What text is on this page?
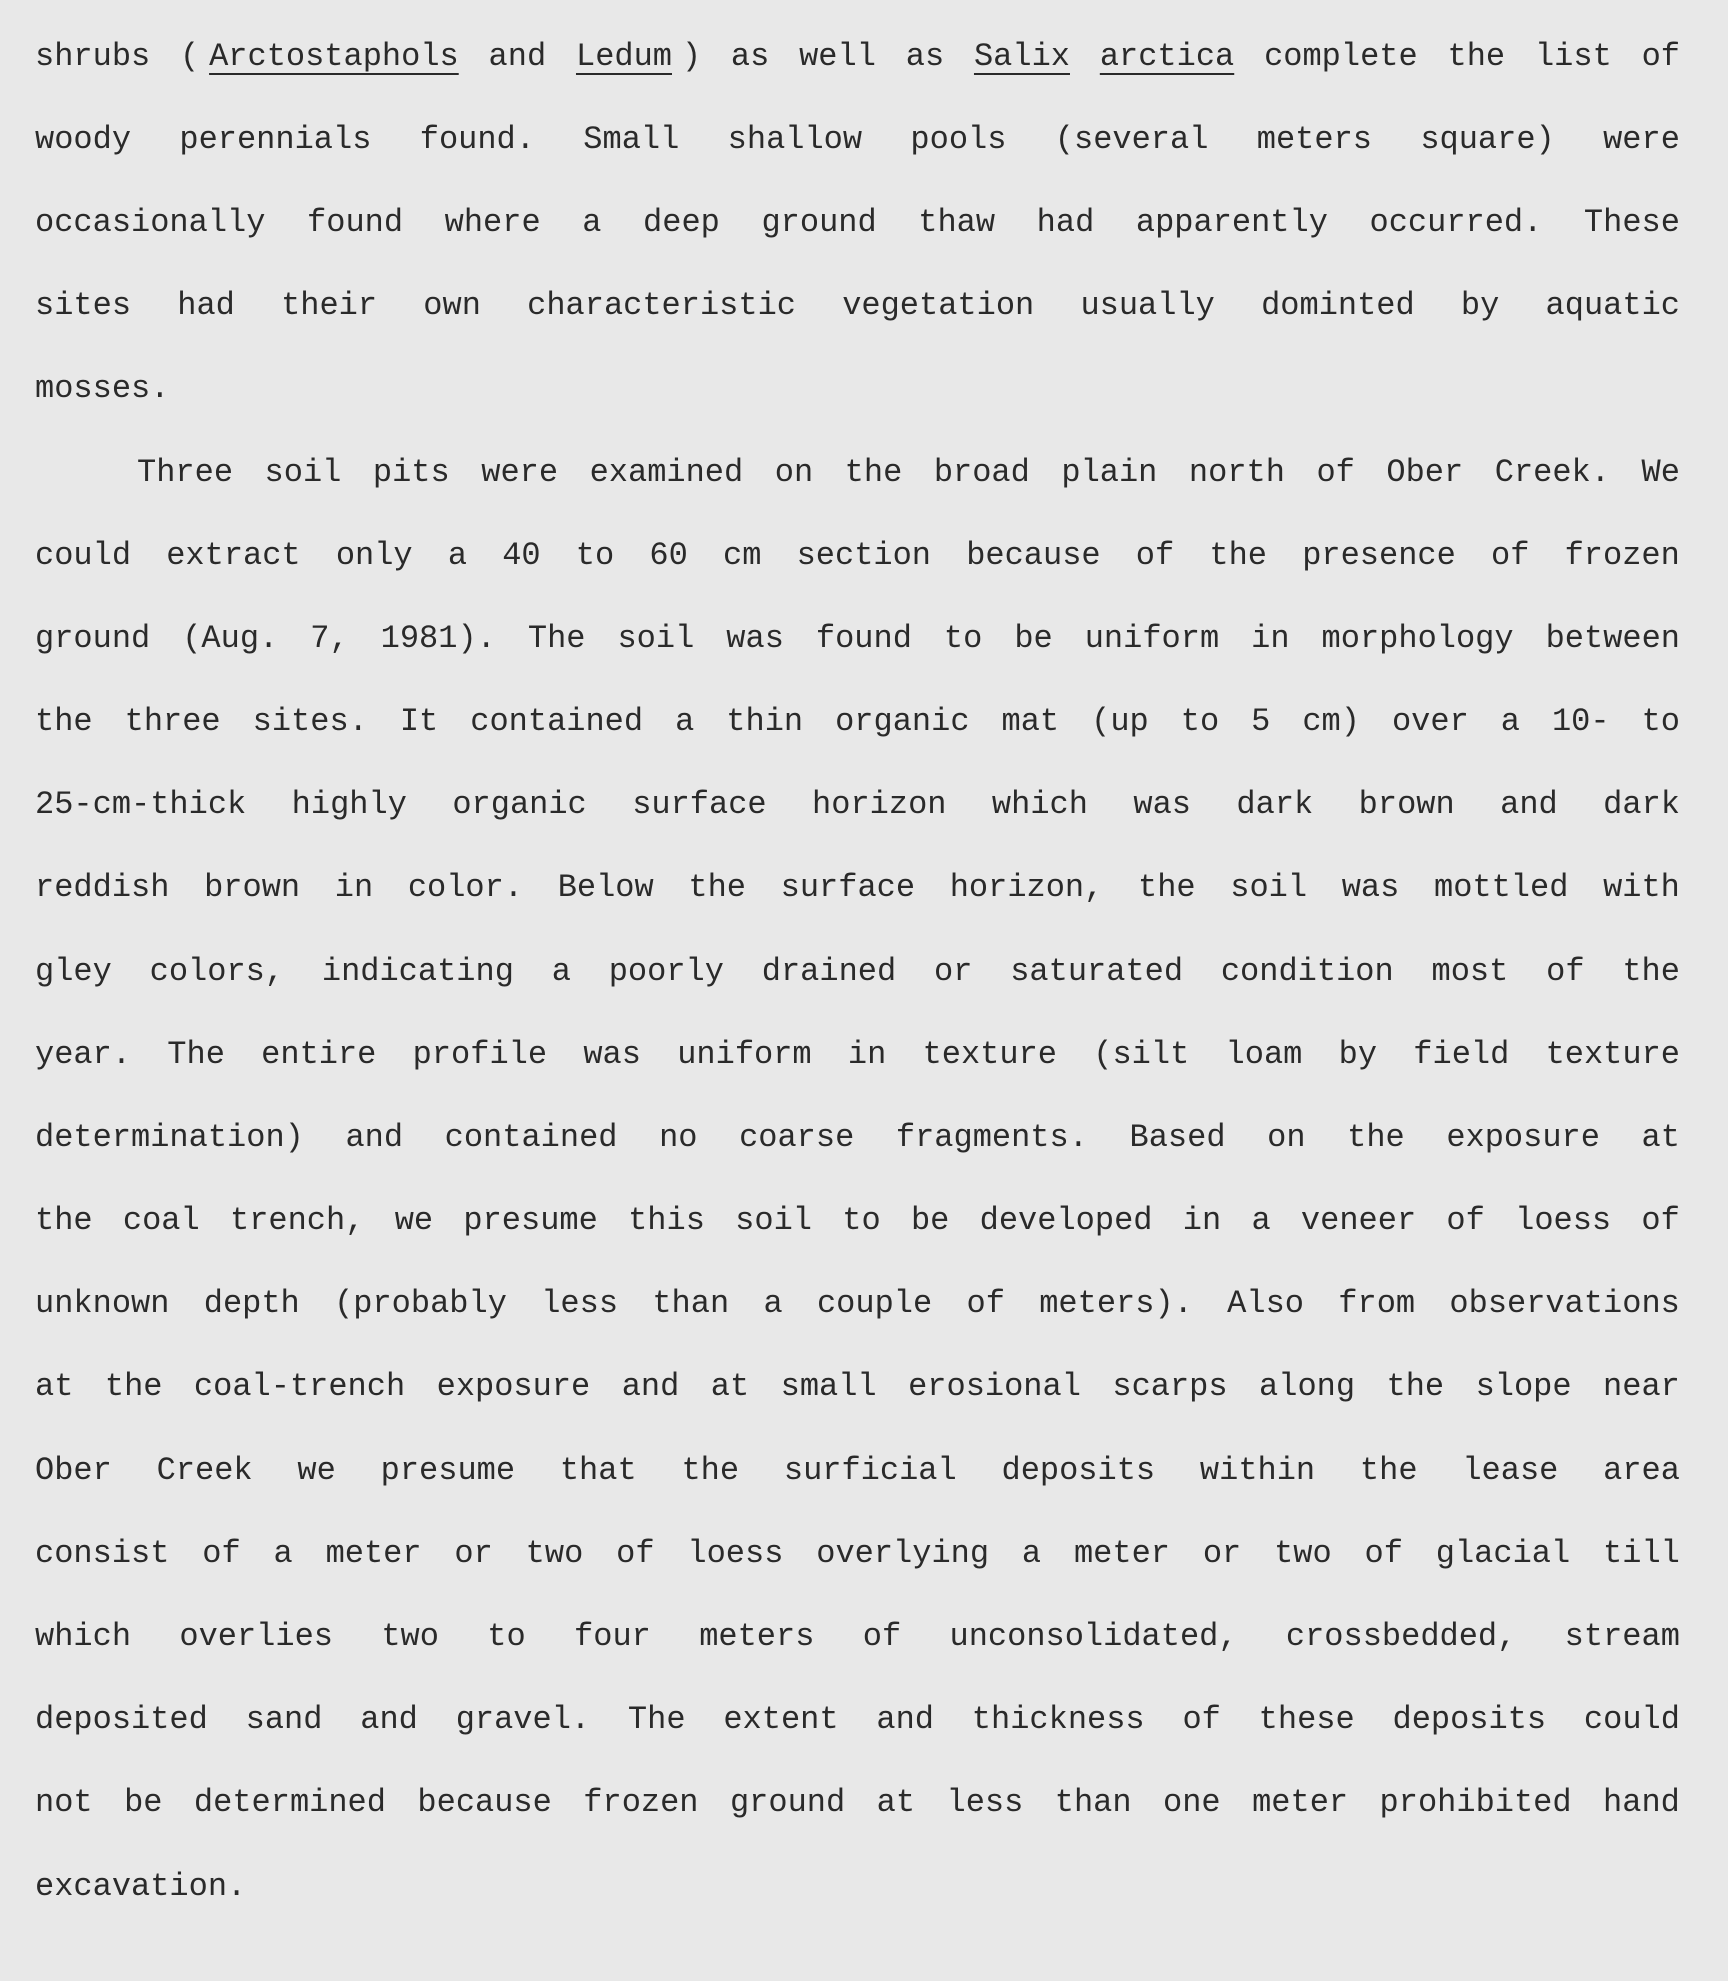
shrubs ( Arctostaphols and Ledum ) as well as Salix arctica complete the list of
woody perennials found. Small shallow pools (several meters square) were
occasionally found where a deep ground thaw had apparently occurred. These
sites had their own characteristic vegetation usually dominted by aquatic
mosses.
Three soil pits were examined on the broad plain north of Ober Creek. We
could extract only a 40 to 60 cm section because of the presence of frozen
ground (Aug. 7, 1981). The soil was found to be uniform in morphology between
the three sites. It contained a thin organic mat (up to 5 cm) over a 10- to
25-cm-thick highly organic surface horizon which was dark brown and dark
reddish brown in color. Below the surface horizon, the soil was mottled with
gley colors, indicating a poorly drained or saturated condition most of the
year. The entire profile was uniform in texture (silt loam by field texture
determination) and contained no coarse fragments. Based on the exposure at
the coal trench, we presume this soil to be developed in a veneer of loess of
unknown depth (probably less than a couple of meters). Also from observations
at the coal-trench exposure and at small erosional scarps along the slope near
Ober Creek we presume that the surficial deposits within the lease area
consist of a meter or two of loess overlying a meter or two of glacial till
which overlies two to four meters of unconsolidated, crossbedded, stream
deposited sand and gravel. The extent and thickness of these deposits could
not be determined because frozen ground at less than one meter prohibited hand
excavation.
